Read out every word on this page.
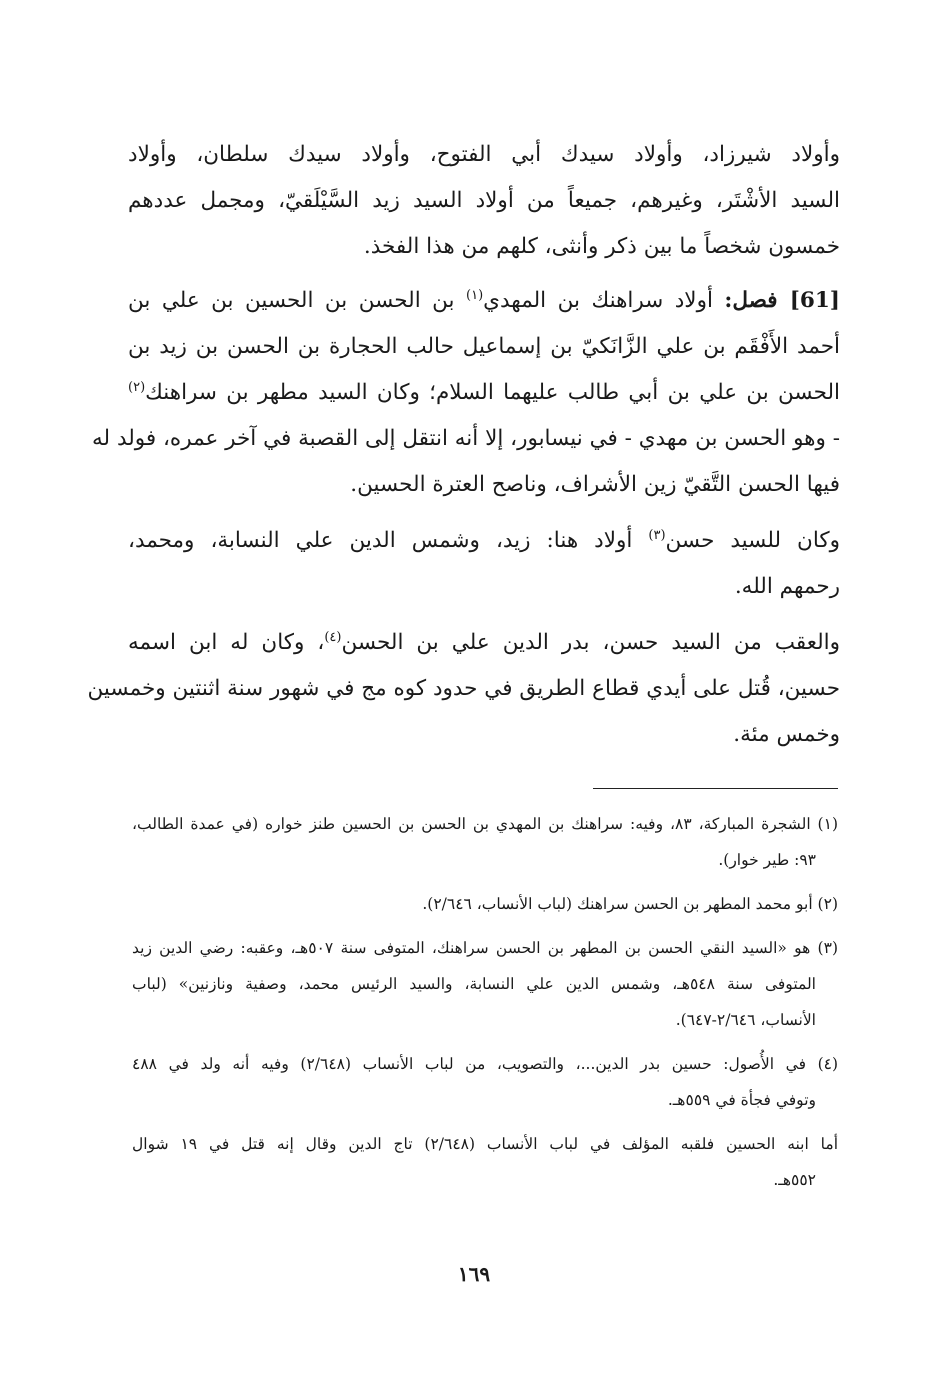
وأولاد شيرزاد، وأولاد سيدك أبي الفتوح، وأولاد سيدك سلطان، وأولاد
السيد الأشْتَر، وغيرهم، جميعاً من أولاد السيد زيد السَّيْلَقيّ، ومجمل عددهم
خمسون شخصاً ما بين ذكر وأنثى، كلهم من هذا الفخذ.
[61] فصل: أولاد سراهنك بن المهدي$^{(١)}$ بن الحسن بن الحسين بن علي بن
أحمد الأَفْقَم بن علي الزَّانَكيّ بن إسماعيل حالب الحجارة بن الحسن بن زيد بن
الحسن بن علي بن أبي طالب عليهما السلام؛ وكان السيد مطهر بن سراهنك$^{(٢)}$
- وهو الحسن بن مهدي - في نيسابور، إلا أنه انتقل إلى القصبة في آخر عمره، فولد له
فيها الحسن التَّقيّ زين الأشراف، وناصح العترة الحسين.
وكان للسيد حسن$^{(٣)}$ أولاد هنا: زيد، وشمس الدين علي النسابة، ومحمد،
رحمهم الله.
والعقب من السيد حسن، بدر الدين علي بن الحسن$^{(٤)}$، وكان له ابن اسمه
حسين، قُتل على أيدي قطاع الطريق في حدود كوه مج في شهور سنة اثنتين وخمسين
وخمس مئة.
(١) الشجرة المباركة، ٨٣، وفيه: سراهنك بن المهدي بن الحسن بن الحسين طنز خواره (في عمدة الطالب،
٩٣: طير خوار).
(٢) أبو محمد المطهر بن الحسن سراهنك (لباب الأنساب، ٢/٦٤٦).
(٣) هو «السيد النقي الحسن بن المطهر بن الحسن سراهنك، المتوفى سنة ٥٠٧هـ، وعقبه: رضي الدين زيد
المتوفى سنة ٥٤٨هـ، وشمس الدين علي النسابة، والسيد الرئيس محمد، وصفية ونازنين» (لباب
الأنساب، ٢/٦٤٦-٦٤٧).
(٤) في الأُصول: حسين بدر الدين...، والتصويب، من لباب الأنساب (٢/٦٤٨) وفيه أنه ولد في ٤٨٨
وتوفي فجأة في ٥٥٩هـ.
أما ابنه الحسين فلقبه المؤلف في لباب الأنساب (٢/٦٤٨) تاج الدين وقال إنه قتل في ١٩ شوال
٥٥٢هـ.
١٦٩
